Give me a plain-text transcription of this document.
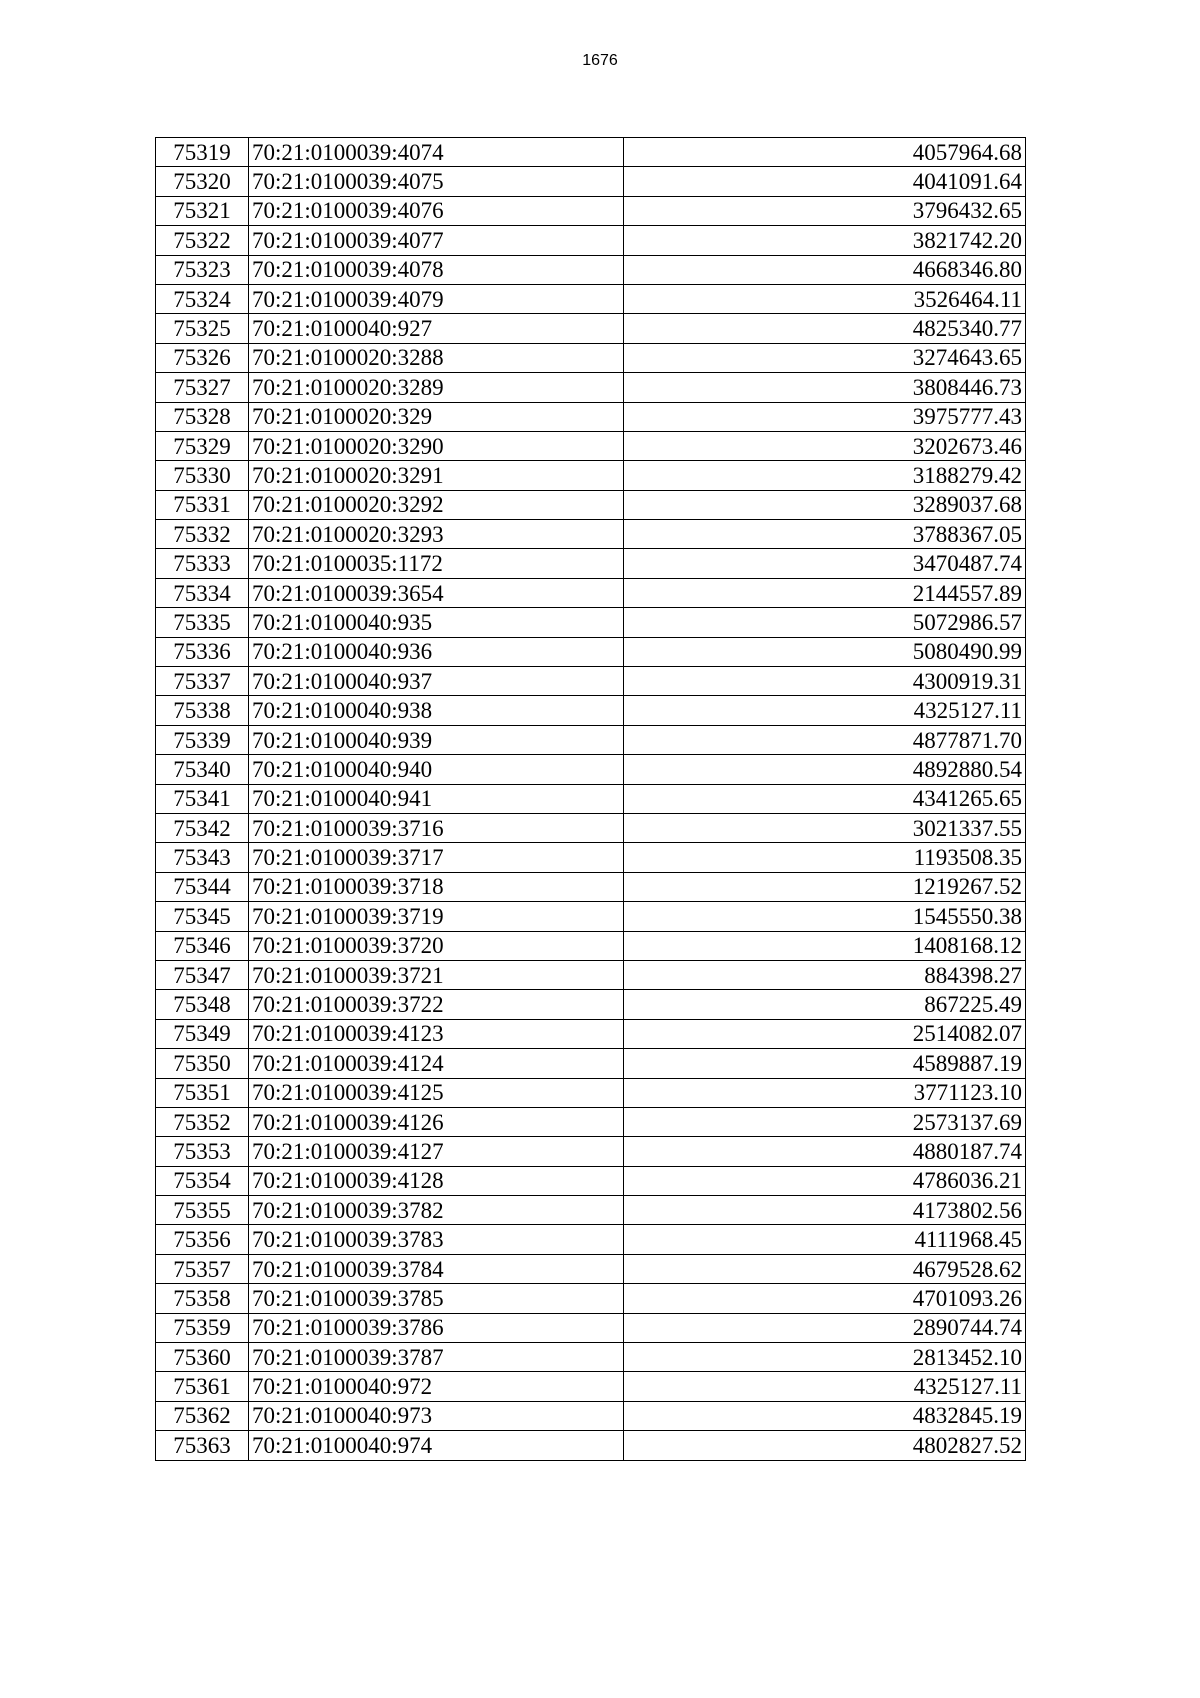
1676
75319	70:21:0100039:4074	4057964.68
75320	70:21:0100039:4075	4041091.64
75321	70:21:0100039:4076	3796432.65
75322	70:21:0100039:4077	3821742.20
75323	70:21:0100039:4078	4668346.80
75324	70:21:0100039:4079	3526464.11
75325	70:21:0100040:927	4825340.77
75326	70:21:0100020:3288	3274643.65
75327	70:21:0100020:3289	3808446.73
75328	70:21:0100020:329	3975777.43
75329	70:21:0100020:3290	3202673.46
75330	70:21:0100020:3291	3188279.42
75331	70:21:0100020:3292	3289037.68
75332	70:21:0100020:3293	3788367.05
75333	70:21:0100035:1172	3470487.74
75334	70:21:0100039:3654	2144557.89
75335	70:21:0100040:935	5072986.57
75336	70:21:0100040:936	5080490.99
75337	70:21:0100040:937	4300919.31
75338	70:21:0100040:938	4325127.11
75339	70:21:0100040:939	4877871.70
75340	70:21:0100040:940	4892880.54
75341	70:21:0100040:941	4341265.65
75342	70:21:0100039:3716	3021337.55
75343	70:21:0100039:3717	1193508.35
75344	70:21:0100039:3718	1219267.52
75345	70:21:0100039:3719	1545550.38
75346	70:21:0100039:3720	1408168.12
75347	70:21:0100039:3721	884398.27
75348	70:21:0100039:3722	867225.49
75349	70:21:0100039:4123	2514082.07
75350	70:21:0100039:4124	4589887.19
75351	70:21:0100039:4125	3771123.10
75352	70:21:0100039:4126	2573137.69
75353	70:21:0100039:4127	4880187.74
75354	70:21:0100039:4128	4786036.21
75355	70:21:0100039:3782	4173802.56
75356	70:21:0100039:3783	4111968.45
75357	70:21:0100039:3784	4679528.62
75358	70:21:0100039:3785	4701093.26
75359	70:21:0100039:3786	2890744.74
75360	70:21:0100039:3787	2813452.10
75361	70:21:0100040:972	4325127.11
75362	70:21:0100040:973	4832845.19
75363	70:21:0100040:974	4802827.52
